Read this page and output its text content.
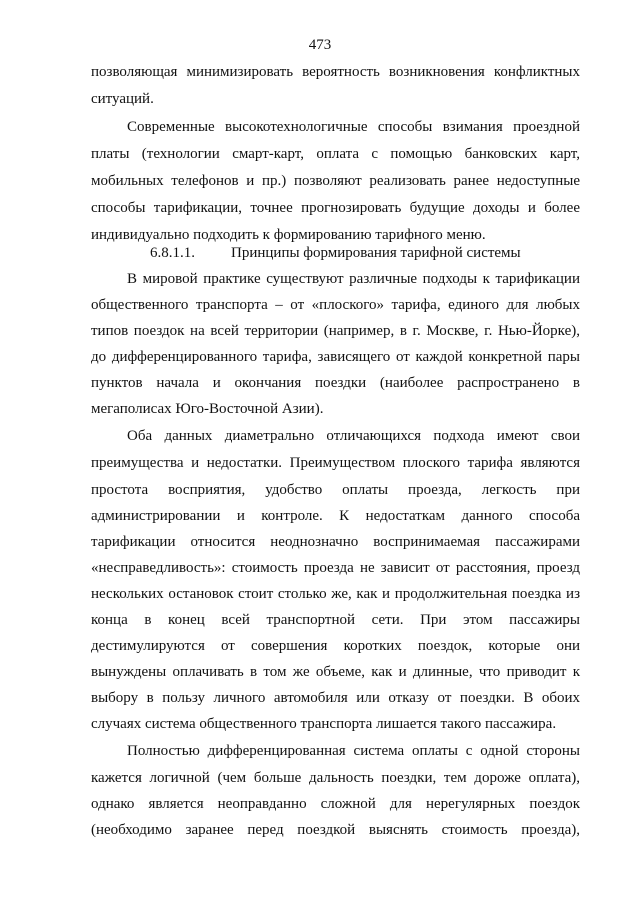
473
позволяющая минимизировать вероятность возникновения конфликтных
ситуаций.
Современные высокотехнологичные способы взимания проездной
платы (технологии смарт-карт, оплата с помощью банковских карт,
мобильных телефонов и пр.) позволяют реализовать ранее недоступные
способы тарификации, точнее прогнозировать будущие доходы и более
индивидуально подходить к формированию тарифного меню.
6.8.1.1. Принципы формирования тарифной системы
В мировой практике существуют различные подходы к тарификации
общественного транспорта – от «плоского» тарифа, единого для любых
типов поездок на всей территории (например, в г. Москве, г. Нью-Йорке),
до дифференцированного тарифа, зависящего от каждой конкретной пары
пунктов начала и окончания поездки (наиболее распространено в
мегаполисах Юго-Восточной Азии).
Оба данных диаметрально отличающихся подхода имеют свои
преимущества и недостатки. Преимуществом плоского тарифа являются
простота восприятия, удобство оплаты проезда, легкость при
администрировании и контроле. К недостаткам данного способа
тарификации относится неоднозначно воспринимаемая пассажирами
«несправедливость»: стоимость проезда не зависит от расстояния, проезд
нескольких остановок стоит столько же, как и продолжительная поездка из
конца в конец всей транспортной сети. При этом пассажиры
дестимулируются от совершения коротких поездок, которые они
вынуждены оплачивать в том же объеме, как и длинные, что приводит к
выбору в пользу личного автомобиля или отказу от поездки. В обоих
случаях система общественного транспорта лишается такого пассажира.
Полностью дифференцированная система оплаты с одной стороны
кажется логичной (чем больше дальность поездки, тем дороже оплата),
однако является неоправданно сложной для нерегулярных поездок
(необходимо заранее перед поездкой выяснять стоимость проезда),
